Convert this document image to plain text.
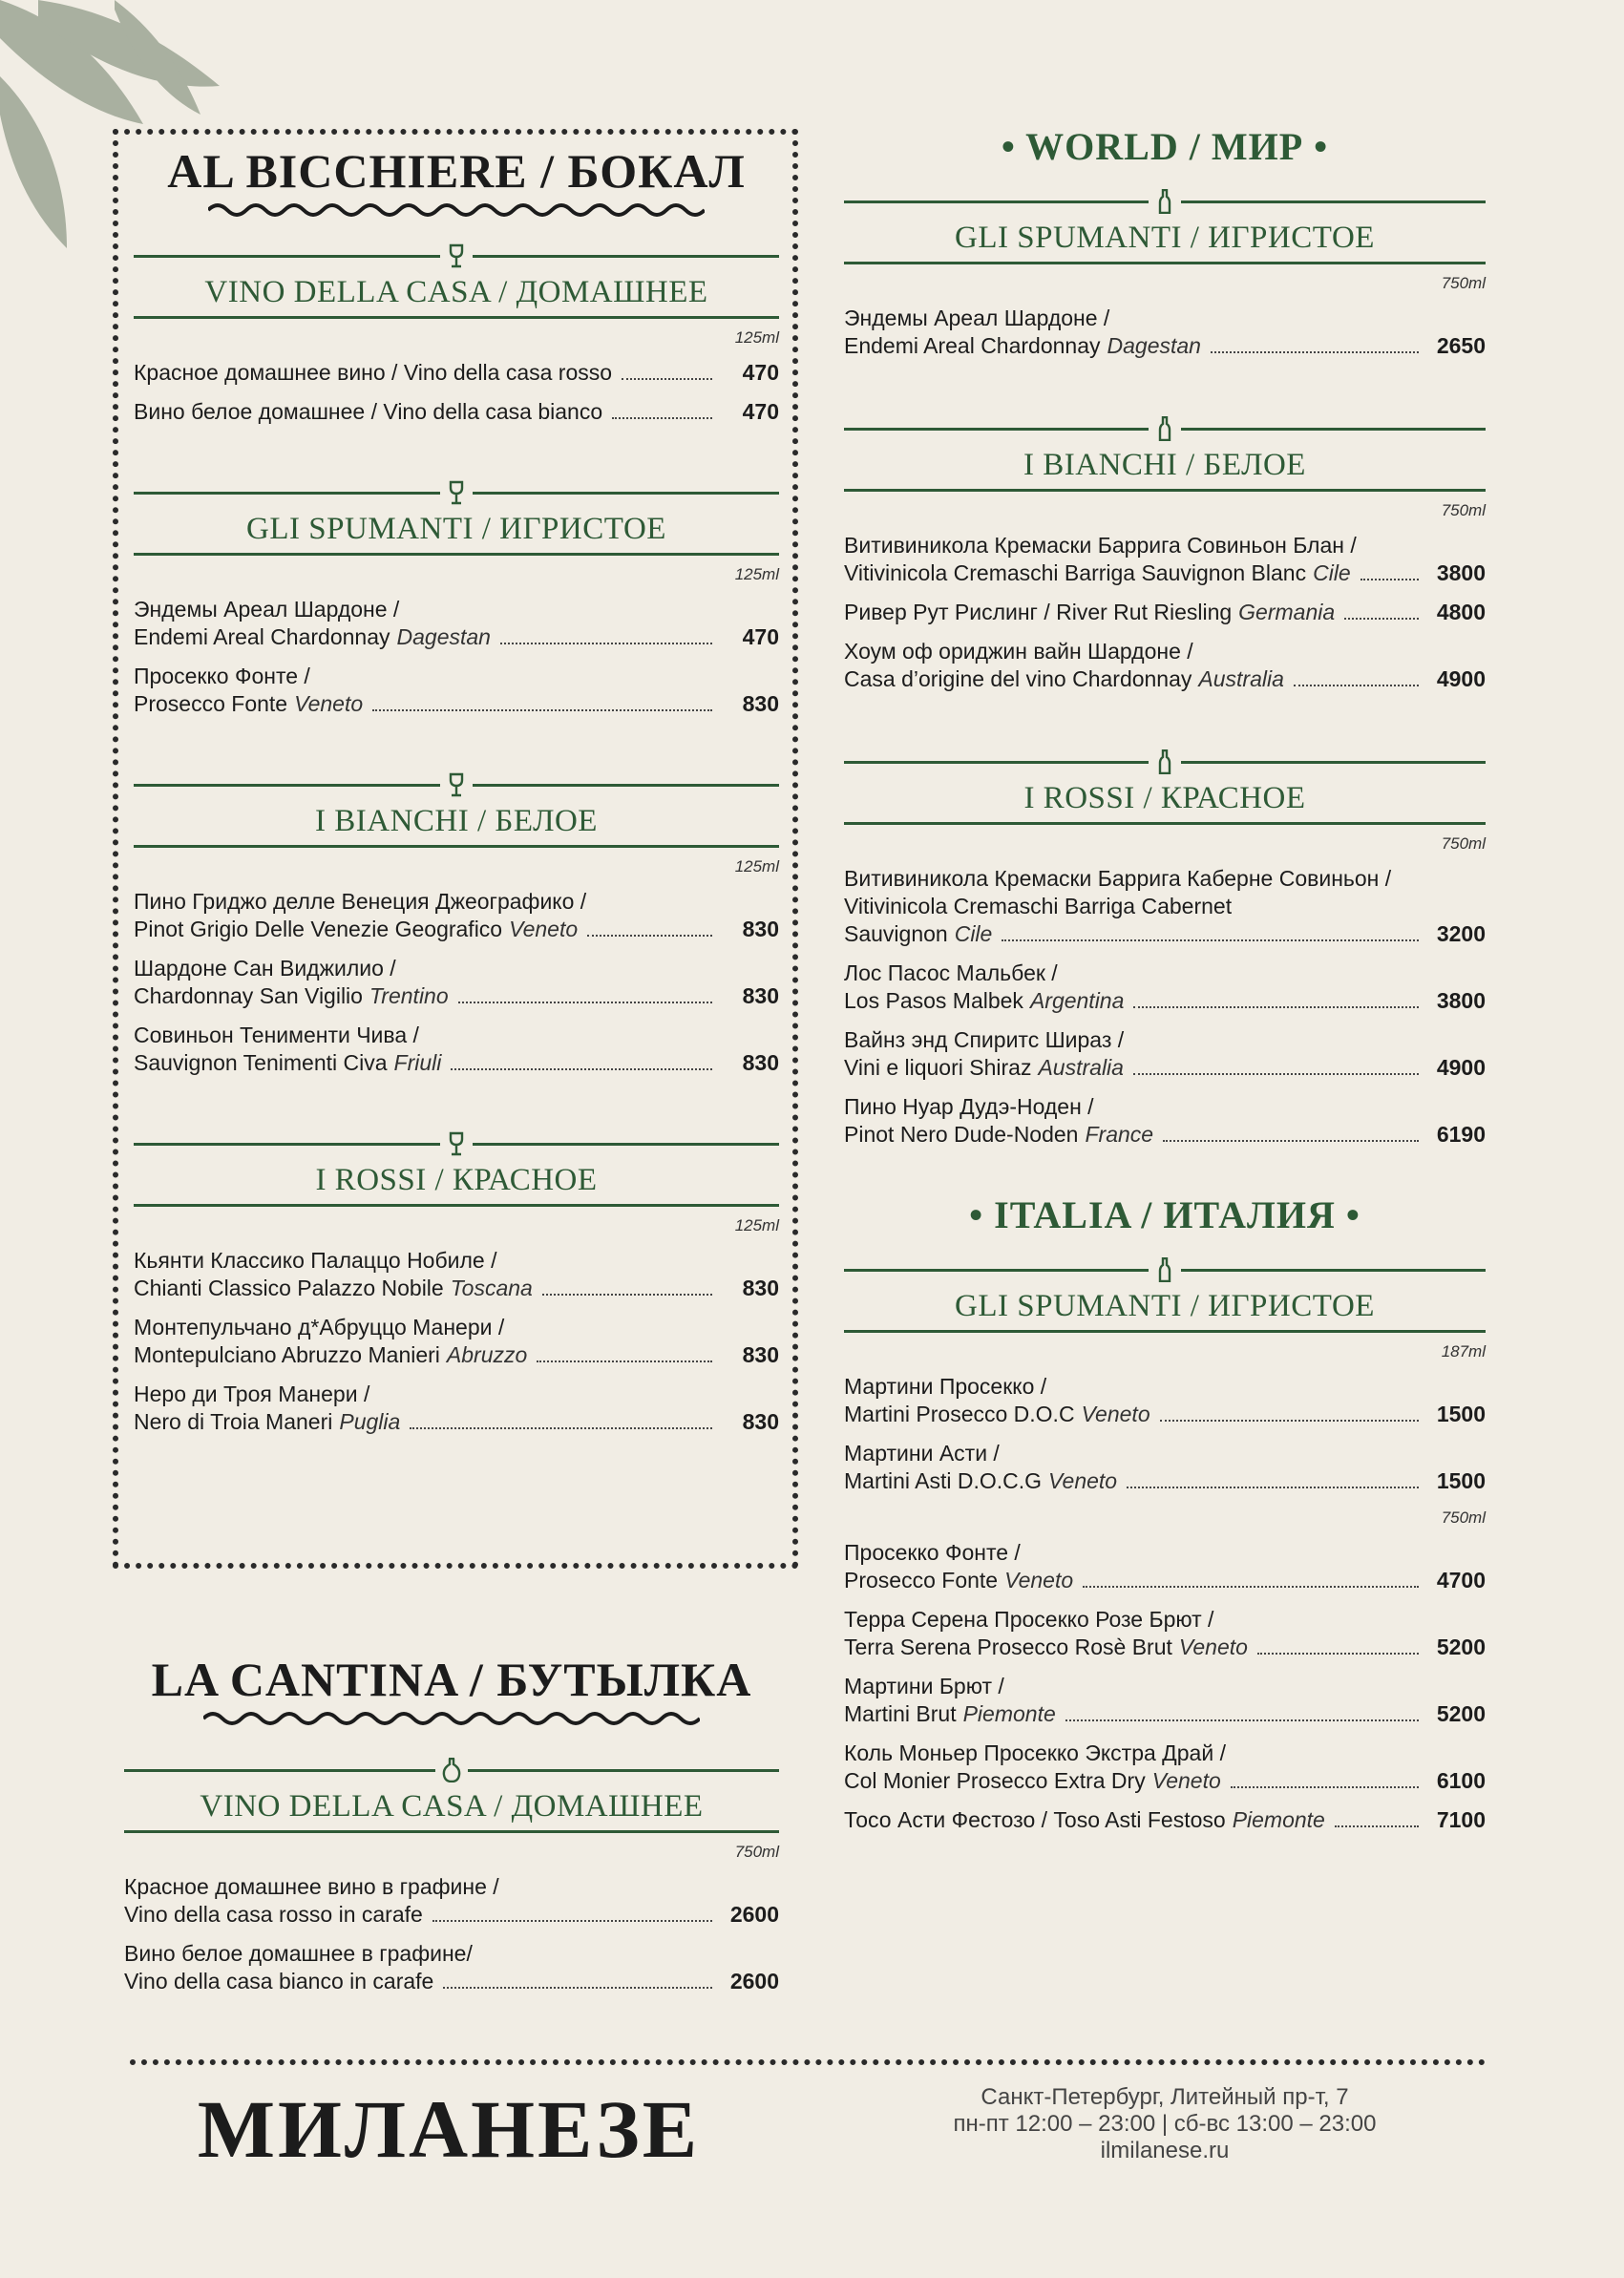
AL BICCHIERE / БОКАЛ
VINO DELLA CASA / ДОМАШНЕЕ
125ml
Красное домашнее вино / Vino della casa rosso	470
Вино белое домашнее / Vino della casa bianco	470
GLI SPUMANTI / ИГРИСТОЕ
125ml
Эндемы Ареал Шардоне /
Endemi Areal Chardonnay Dagestan	470
Просекко Фонте /
Prosecco Fonte Veneto	830
I BIANCHI / БЕЛОЕ
125ml
Пино Гриджо делле Венеция Джеографико /
Pinot Grigio Delle Venezie Geografico Veneto	830
Шардоне Сан Виджилио /
Chardonnay San Vigilio Trentino	830
Совиньон Тенименти Чива /
Sauvignon Tenimenti Civa Friuli	830
I ROSSI / КРАСНОЕ
125ml
Кьянти Классико Палаццо Нобиле /
Chianti Classico Palazzo Nobile Toscana	830
Монтепульчано д*Абруццо Манери /
Montepulciano Abruzzo Manieri Abruzzo	830
Неро ди Троя Манери /
Nero di Troia Maneri Puglia	830
LA CANTINA / БУТЫЛКА
VINO DELLA CASA / ДОМАШНЕЕ
750ml
Красное домашнее вино в графине /
Vino della casa rosso in carafe	2600
Вино белое домашнее в графине/
Vino della casa bianco in carafe	2600
• WORLD / МИР •
GLI SPUMANTI / ИГРИСТОЕ
750ml
Эндемы Ареал Шардоне /
Endemi Areal Chardonnay Dagestan	2650
I BIANCHI / БЕЛОЕ
750ml
Витивиникола Кремаски Баррига Совиньон Блан /
Vitivinicola Cremaschi Barriga Sauvignon Blanc Cile	3800
Ривер Рут Рислинг / River Rut Riesling Germania	4800
Хоум оф ориджин вайн Шардоне /
Casa d’origine del vino Chardonnay Australia	4900
I ROSSI / КРАСНОЕ
750ml
Витивиникола Кремаски Баррига Каберне Совиньон /
Vitivinicola Cremaschi Barriga Cabernet
Sauvignon Cile	3200
Лос Пасос Мальбек /
Los Pasos Malbek Argentina	3800
Вайнз энд Спиритс Шираз /
Vini e liquori Shiraz Australia	4900
Пино Нуар Дудэ-Ноден /
Pinot Nero Dude-Noden France	6190
• ITALIA / ИТАЛИЯ •
GLI SPUMANTI / ИГРИСТОЕ
187ml
Мартини Просекко /
Martini Prosecco D.O.C Veneto	1500
Мартини Асти /
Martini Asti D.O.C.G Veneto	1500
750ml
Просекко Фонте /
Prosecco Fonte Veneto	4700
Терра Серена Просекко Розе Брют /
Terra Serena Prosecco Rosè Brut Veneto	5200
Мартини Брют /
Martini Brut Piemonte	5200
Коль Моньер Просекко Экстра Драй /
Col Monier Prosecco Extra Dry Veneto	6100
Тосо Асти Фестозо / Toso Asti Festoso Piemonte	7100
МИЛАНЕЗЕ	Санкт-Петербург, Литейный пр-т, 7
пн-пт 12:00 – 23:00 | сб-вс 13:00 – 23:00
ilmilanese.ru
